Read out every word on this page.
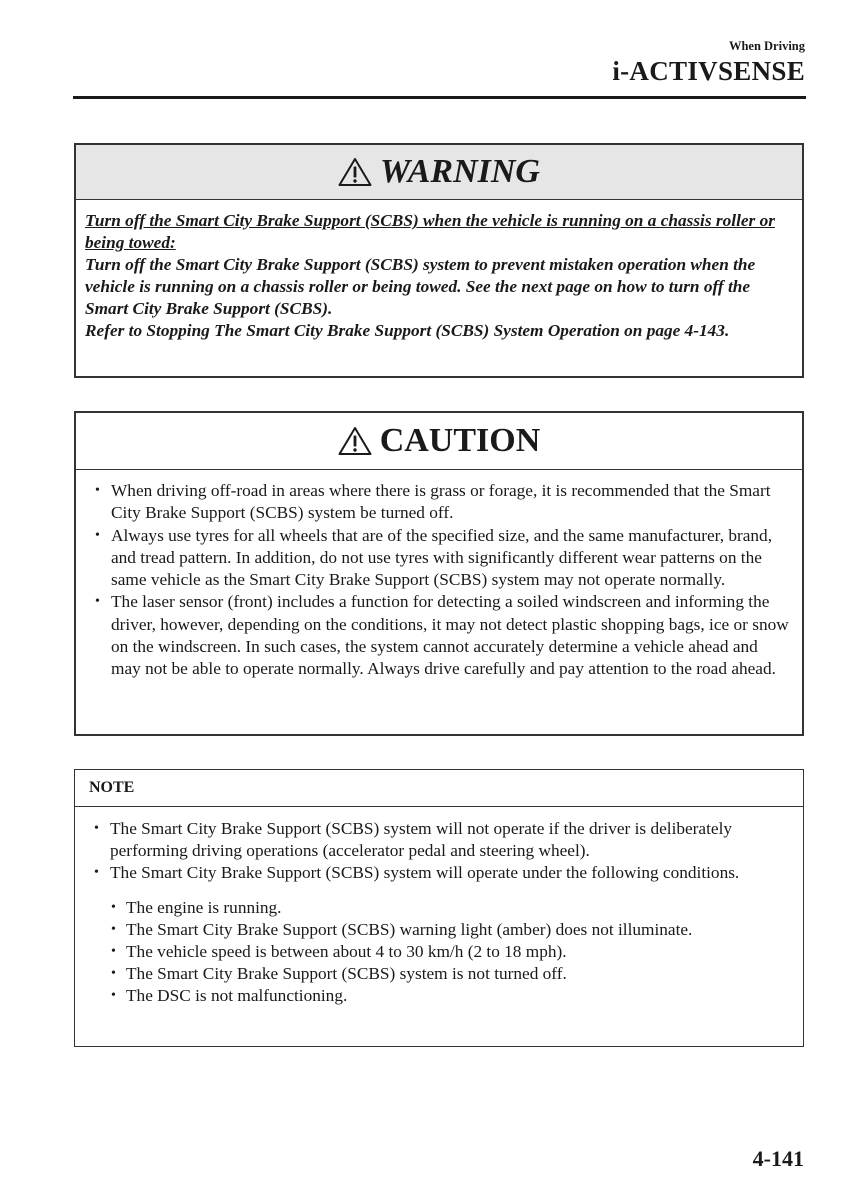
When Driving
i-ACTIVSENSE
WARNING
Turn off the Smart City Brake Support (SCBS) when the vehicle is running on a chassis roller or being towed:
Turn off the Smart City Brake Support (SCBS) system to prevent mistaken operation when the vehicle is running on a chassis roller or being towed. See the next page on how to turn off the Smart City Brake Support (SCBS).
Refer to Stopping The Smart City Brake Support (SCBS) System Operation on page 4-143.
CAUTION
• When driving off-road in areas where there is grass or forage, it is recommended that the Smart City Brake Support (SCBS) system be turned off.
• Always use tyres for all wheels that are of the specified size, and the same manufacturer, brand, and tread pattern. In addition, do not use tyres with significantly different wear patterns on the same vehicle as the Smart City Brake Support (SCBS) system may not operate normally.
• The laser sensor (front) includes a function for detecting a soiled windscreen and informing the driver, however, depending on the conditions, it may not detect plastic shopping bags, ice or snow on the windscreen. In such cases, the system cannot accurately determine a vehicle ahead and may not be able to operate normally. Always drive carefully and pay attention to the road ahead.
NOTE
• The Smart City Brake Support (SCBS) system will not operate if the driver is deliberately performing driving operations (accelerator pedal and steering wheel).
• The Smart City Brake Support (SCBS) system will operate under the following conditions.
• The engine is running.
• The Smart City Brake Support (SCBS) warning light (amber) does not illuminate.
• The vehicle speed is between about 4 to 30 km/h (2 to 18 mph).
• The Smart City Brake Support (SCBS) system is not turned off.
• The DSC is not malfunctioning.
4-141
